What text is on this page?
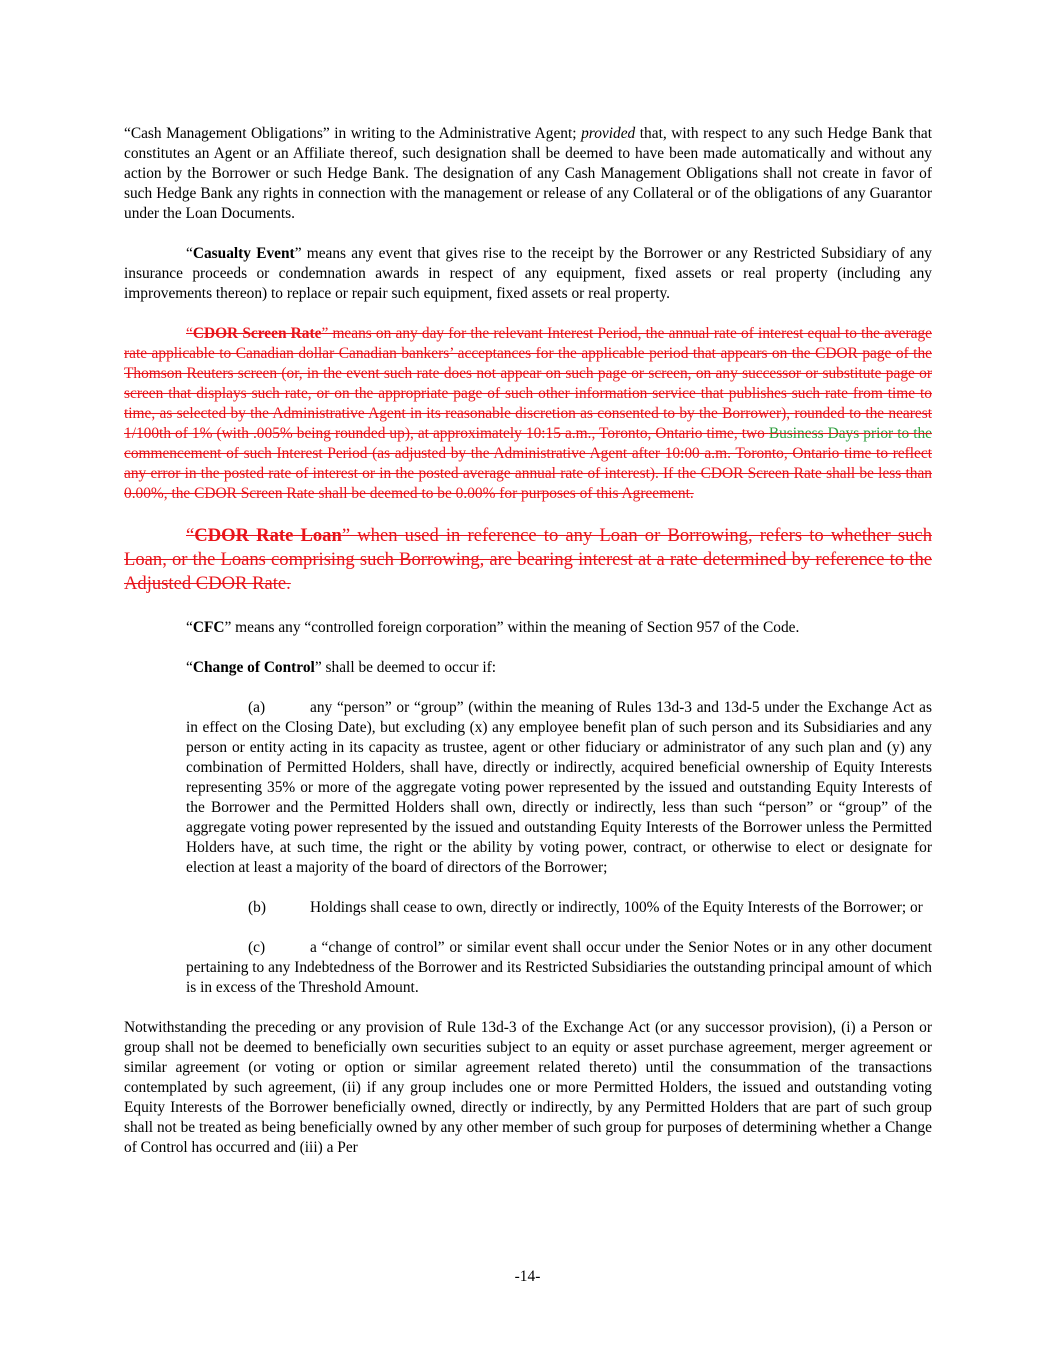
“Cash Management Obligations” in writing to the Administrative Agent; provided that, with respect to any such Hedge Bank that constitutes an Agent or an Affiliate thereof, such designation shall be deemed to have been made automatically and without any action by the Borrower or such Hedge Bank. The designation of any Cash Management Obligations shall not create in favor of such Hedge Bank any rights in connection with the management or release of any Collateral or of the obligations of any Guarantor under the Loan Documents.

“Casualty Event” means any event that gives rise to the receipt by the Borrower or any Restricted Subsidiary of any insurance proceeds or condemnation awards in respect of any equipment, fixed assets or real property (including any improvements thereon) to replace or repair such equipment, fixed assets or real property.

“CDOR Screen Rate” means on any day for the relevant Interest Period, the annual rate of interest equal to the average rate applicable to Canadian dollar Canadian bankers’ acceptances for the applicable period that appears on the CDOR page of the Thomson Reuters screen (or, in the event such rate does not appear on such page or screen, on any successor or substitute page or screen that displays such rate, or on the appropriate page of such other information service that publishes such rate from time to time, as selected by the Administrative Agent in its reasonable discretion as consented to by the Borrower), rounded to the nearest 1/100th of 1% (with .005% being rounded up), at approximately 10:15 a.m., Toronto, Ontario time, two Business Days prior to the commencement of such Interest Period (as adjusted by the Administrative Agent after 10:00 a.m. Toronto, Ontario time to reflect any error in the posted rate of interest or in the posted average annual rate of interest). If the CDOR Screen Rate shall be less than 0.00%, the CDOR Screen Rate shall be deemed to be 0.00% for purposes of this Agreement.

“CDOR Rate Loan” when used in reference to any Loan or Borrowing, refers to whether such Loan, or the Loans comprising such Borrowing, are bearing interest at a rate determined by reference to the Adjusted CDOR Rate.

“CFC” means any “controlled foreign corporation” within the meaning of Section 957 of the Code.

“Change of Control” shall be deemed to occur if:

(a)	any “person” or “group” (within the meaning of Rules 13d-3 and 13d-5 under the Exchange Act as in effect on the Closing Date), but excluding (x) any employee benefit plan of such person and its Subsidiaries and any person or entity acting in its capacity as trustee, agent or other fiduciary or administrator of any such plan and (y) any combination of Permitted Holders, shall have, directly or indirectly, acquired beneficial ownership of Equity Interests representing 35% or more of the aggregate voting power represented by the issued and outstanding Equity Interests of the Borrower and the Permitted Holders shall own, directly or indirectly, less than such “person” or “group” of the aggregate voting power represented by the issued and outstanding Equity Interests of the Borrower unless the Permitted Holders have, at such time, the right or the ability by voting power, contract, or otherwise to elect or designate for election at least a majority of the board of directors of the Borrower;

(b)	Holdings shall cease to own, directly or indirectly, 100% of the Equity Interests of the Borrower; or

(c)	a “change of control” or similar event shall occur under the Senior Notes or in any other document pertaining to any Indebtedness of the Borrower and its Restricted Subsidiaries the outstanding principal amount of which is in excess of the Threshold Amount.

Notwithstanding the preceding or any provision of Rule 13d-3 of the Exchange Act (or any successor provision), (i) a Person or group shall not be deemed to beneficially own securities subject to an equity or asset purchase agreement, merger agreement or similar agreement (or voting or option or similar agreement related thereto) until the consummation of the transactions contemplated by such agreement, (ii) if any group includes one or more Permitted Holders, the issued and outstanding voting Equity Interests of the Borrower beneficially owned, directly or indirectly, by any Permitted Holders that are part of such group shall not be treated as being beneficially owned by any other member of such group for purposes of determining whether a Change of Control has occurred and (iii) a Per

-14-
